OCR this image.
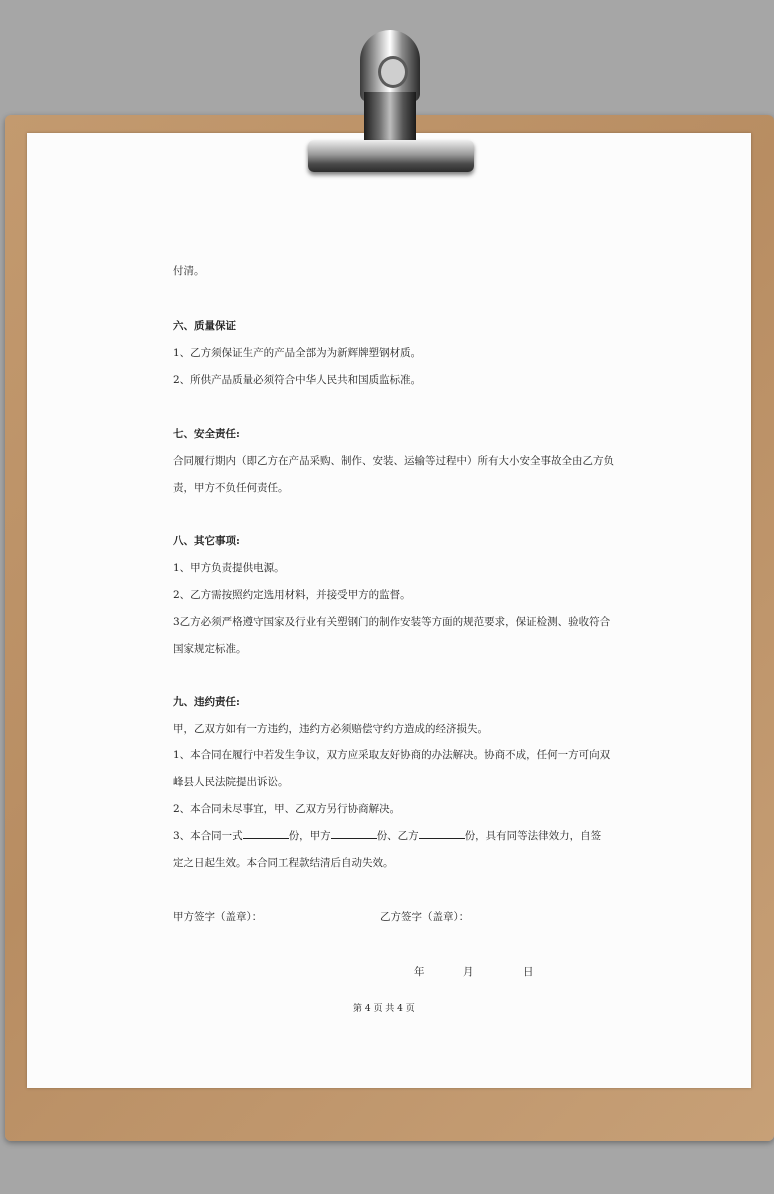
付清。
六、质量保证
1、乙方须保证生产的产品全部为为新辉牌塑钢材质。
2、所供产品质量必须符合中华人民共和国质监标准。
七、安全责任:
合同履行期内（即乙方在产品采购、制作、安装、运输等过程中）所有大小安全事故全由乙方负
责，甲方不负任何责任。
八、其它事项:
1、甲方负责提供电源。
2、乙方需按照约定选用材料，并接受甲方的监督。
3乙方必须严格遵守国家及行业有关塑钢门的制作安装等方面的规范要求，保证检测、验收符合
国家规定标准。
九、违约责任:
甲，乙双方如有一方违约，违约方必须赔偿守约方造成的经济损失。
1、本合同在履行中若发生争议，双方应采取友好协商的办法解决。协商不成，任何一方可向双
峰县人民法院提出诉讼。
2、本合同未尽事宜，甲、乙双方另行协商解决。
3、本合同一式	份，甲方	份、乙方	份，具有同等法律效力，自签
定之日起生效。本合同工程款结清后自动失效。
甲方签字（盖章）：	乙方签字（盖章）：
年	月	日
第 4 页 共 4 页
